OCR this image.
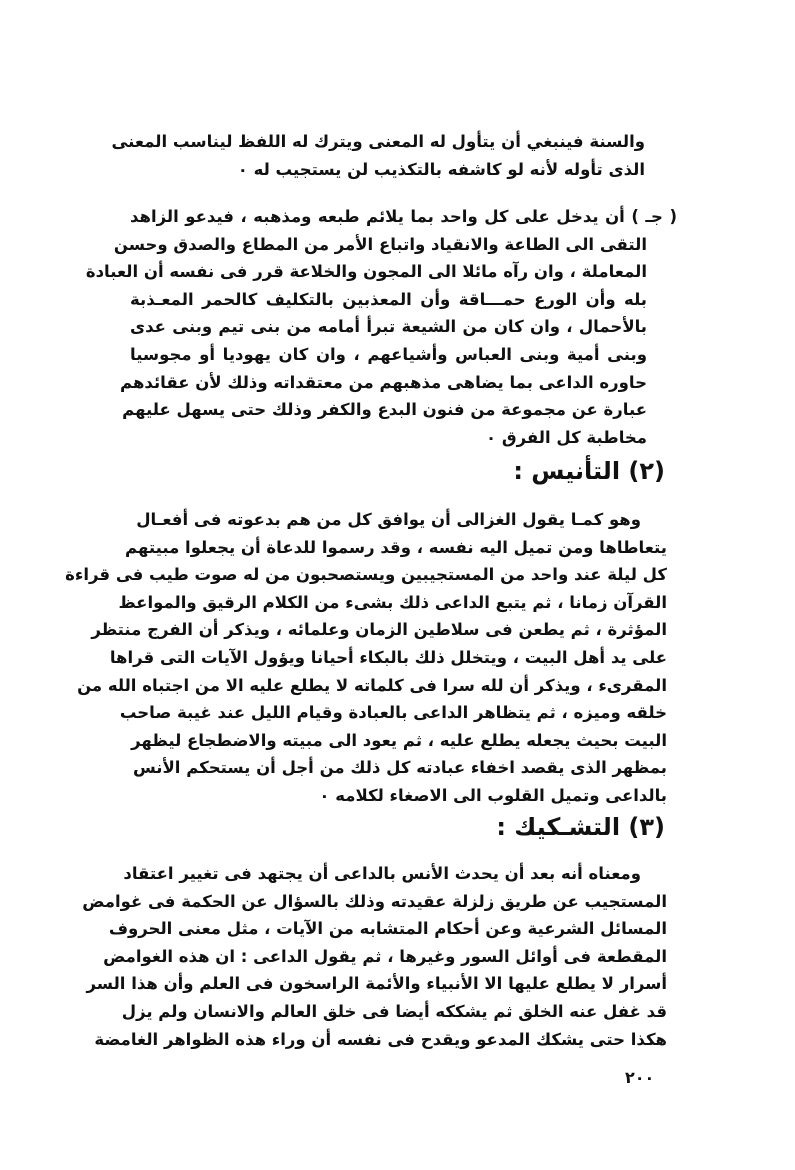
والسنة فينبغي أن يتأول له المعنى ويترك له اللفظ ليناسب المعنى
الذى تأوله لأنه لو كاشفه بالتكذيب لن يستجيب له ٠
( جـ ) أن يدخل على كل واحد بما يلائم طبعه ومذهبه ، فيدعو الزاهد
التقى الى الطاعة والانقياد واتباع الأمر من المطاع والصدق وحسن
المعاملة ، وان رآه مائلا الى المجون والخلاعة قرر فى نفسه أن العبادة
بله وأن الورع حمـــاقة وأن المعذبين بالتكليف كالحمر المعـذبة
بالأحمال ، وان كان من الشيعة تبرأ أمامه من بنى تيم وبنى عدى
وبنى أمية وبنى العباس وأشياعهم ، وان كان يهوديا أو مجوسيا
حاوره الداعى بما يضاهى مذهبهم من معتقداته وذلك لأن عقائدهم
عبارة عن مجموعة من فنون البدع والكفر وذلك حتى يسهل عليهم
مخاطبة كل الفرق ٠
(٢) التأنيس :
وهو كمـا يقول الغزالى أن يوافق كل من هم بدعوته فى أفعـال
يتعاطاها ومن تميل اليه نفسه ، وقد رسموا للدعاة أن يجعلوا مبيتهم
كل ليلة عند واحد من المستجيبين ويستصحبون من له صوت طيب فى قراءة
القرآن زمانا ، ثم يتبع الداعى ذلك بشىء من الكلام الرقيق والمواعظ
المؤثرة ، ثم يطعن فى سلاطين الزمان وعلمائه ، ويذكر أن الفرج منتظر
على يد أهل البيت ، ويتخلل ذلك بالبكاء أحيانا ويؤول الآيات التى قراها
المقرىء ، ويذكر أن لله سرا فى كلماته لا يطلع عليه الا من اجتباه الله من
خلقه وميزه ، ثم يتظاهر الداعى بالعبادة وقيام الليل عند غيبة صاحب
البيت بحيث يجعله يطلع عليه ، ثم يعود الى مبيته والاضطجاع ليظهر
بمظهر الذى يقصد اخفاء عبادته كل ذلك من أجل أن يستحكم الأنس
بالداعى وتميل القلوب الى الاصغاء لكلامه ٠
(٣) التشـكيك :
ومعناه أنه بعد أن يحدث الأنس بالداعى أن يجتهد فى تغيير اعتقاد
المستجيب عن طريق زلزلة عقيدته وذلك بالسؤال عن الحكمة فى غوامض
المسائل الشرعية وعن أحكام المتشابه من الآيات ، مثل معنى الحروف
المقطعة فى أوائل السور وغيرها ، ثم يقول الداعى : ان هذه الغوامض
أسرار لا يطلع عليها الا الأنبياء والأئمة الراسخون فى العلم وأن هذا السر
قد غفل عنه الخلق ثم يشككه أيضا فى خلق العالم والانسان ولم يزل
هكذا حتى يشكك المدعو ويقدح فى نفسه أن وراء هذه الظواهر الغامضة
٢٠٠
